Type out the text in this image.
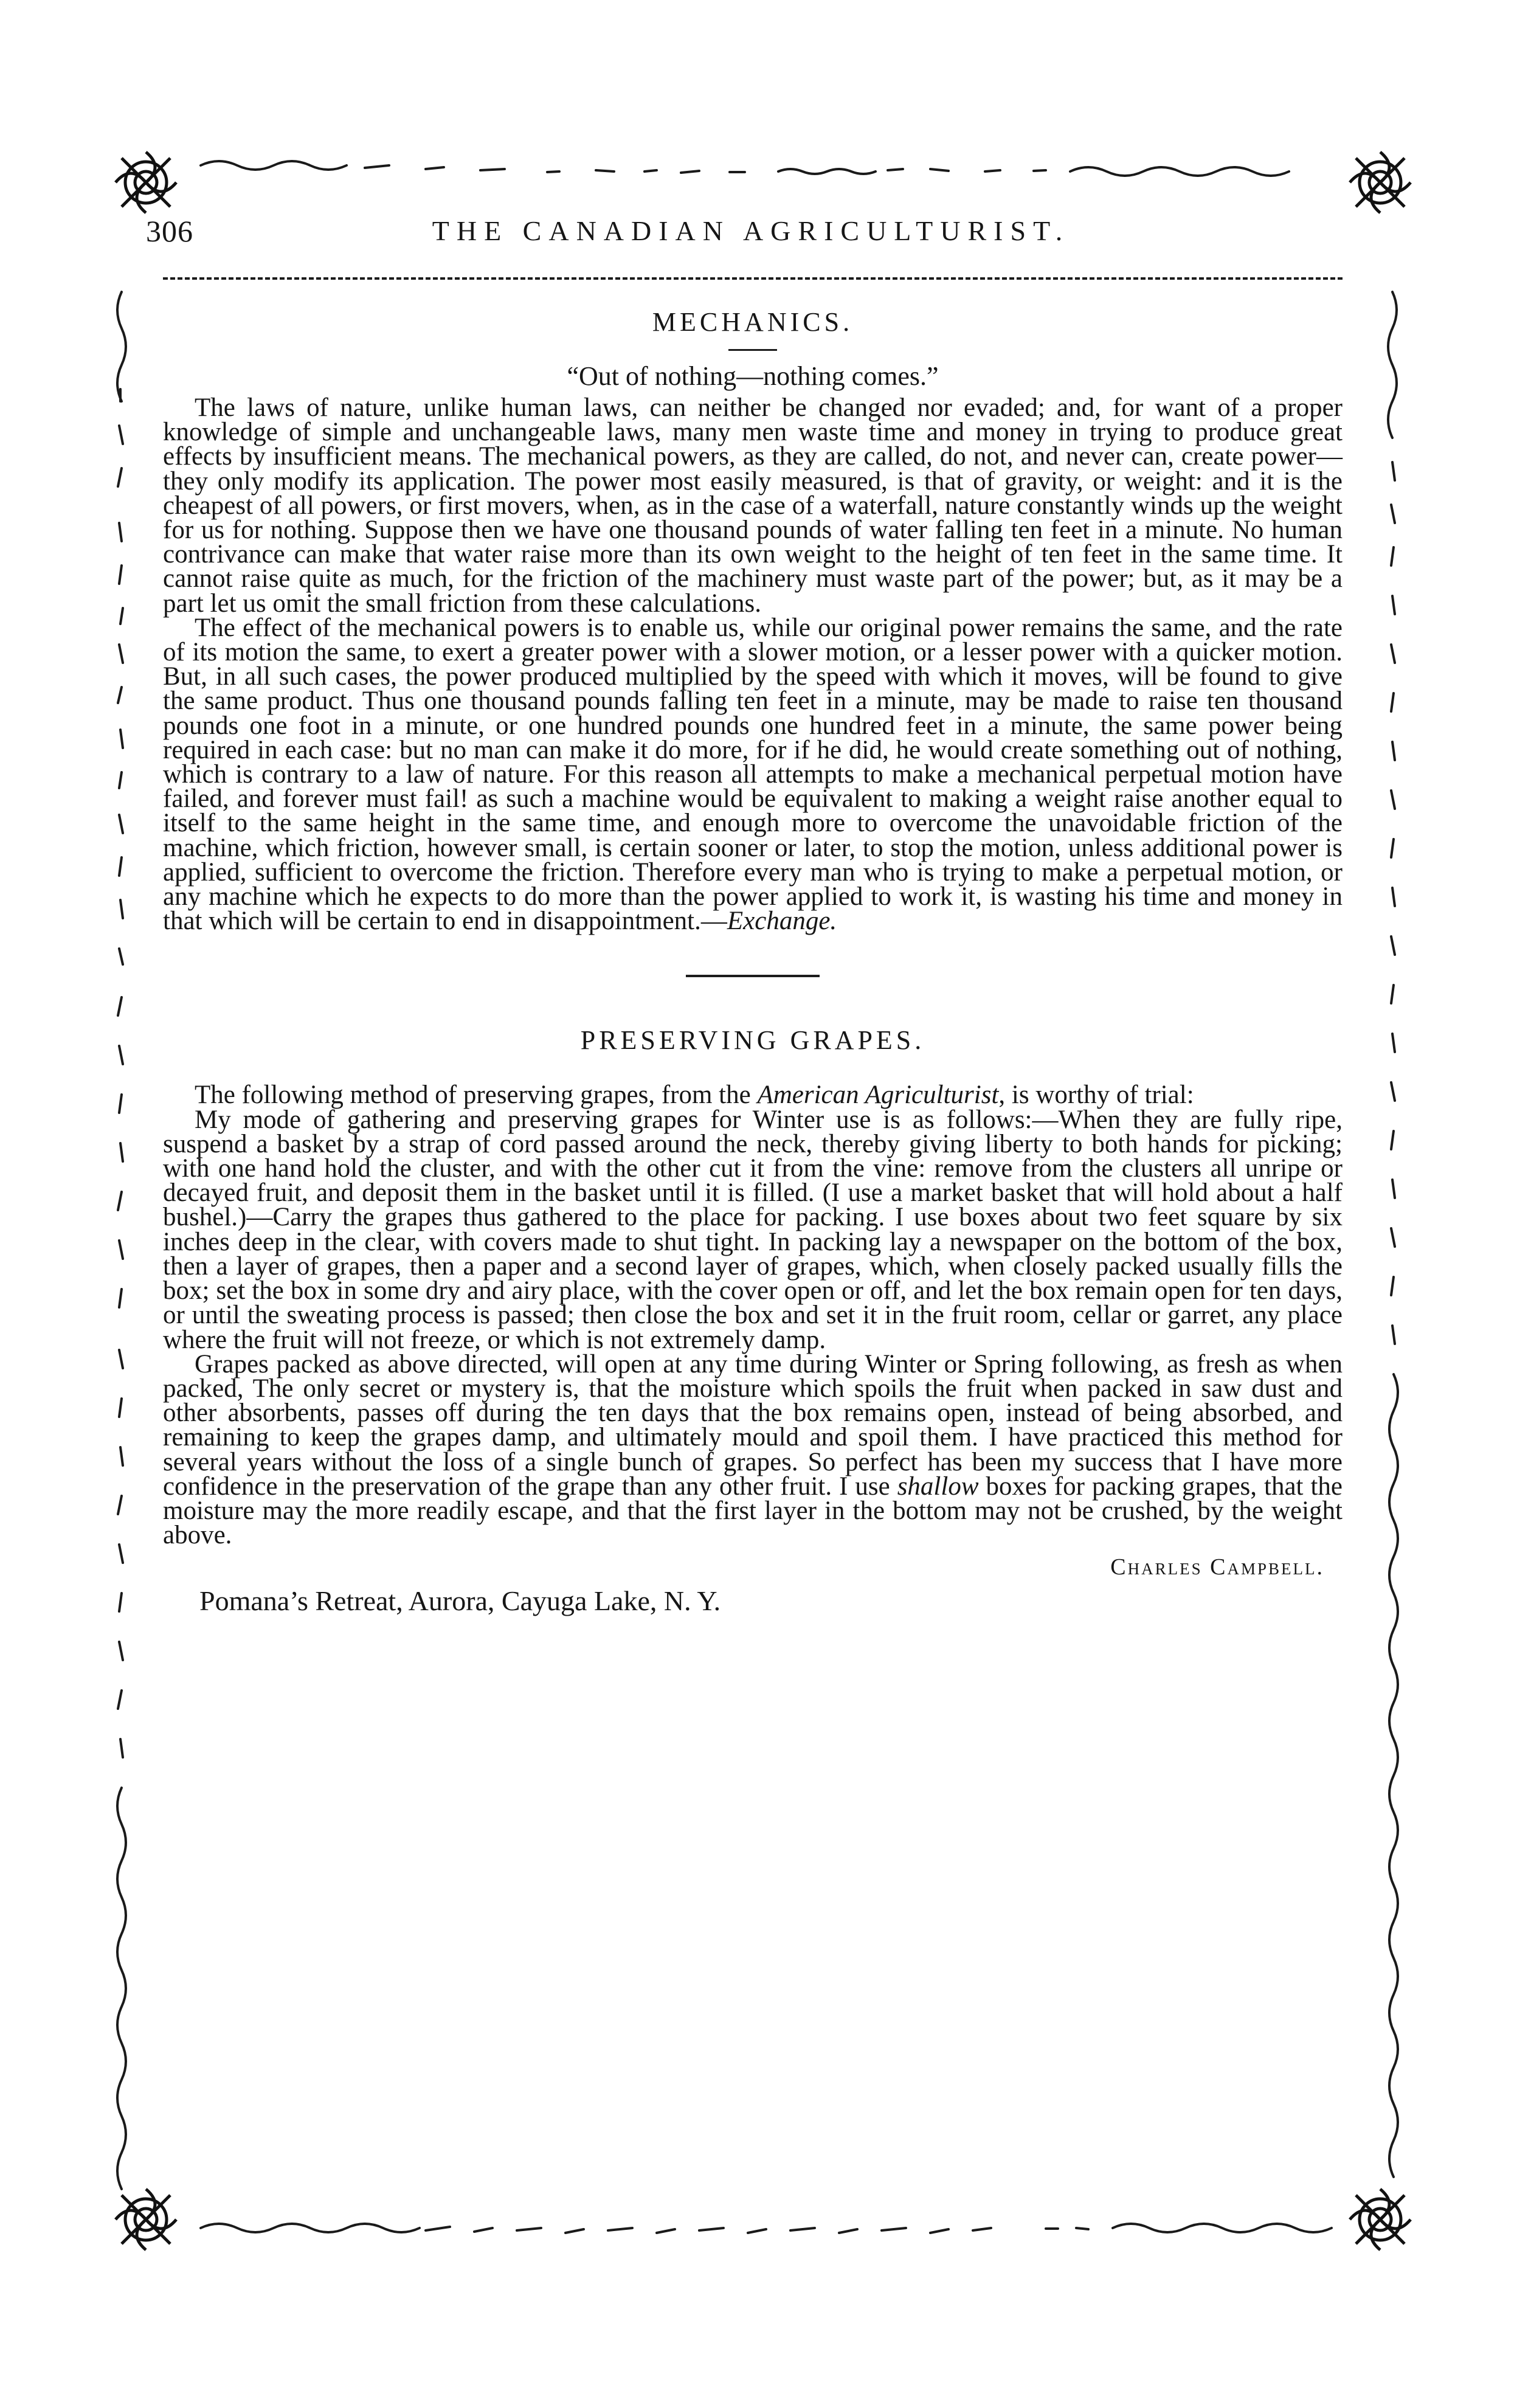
306	THE CANADIAN AGRICULTURIST.
MECHANICS.

“Out of nothing—nothing comes.”

The laws of nature, unlike human laws, can neither be changed nor evaded; and, for want of a proper knowledge of simple and unchangeable laws, many men waste time and money in trying to produce great effects by insufficient means. The mechanical powers, as they are called, do not, and never can, create power—they only modify its application. The power most easily measured, is that of gravity, or weight: and it is the cheapest of all powers, or first movers, when, as in the case of a waterfall, nature constantly winds up the weight for us for nothing. Suppose then we have one thousand pounds of water falling ten feet in a minute. No human contrivance can make that water raise more than its own weight to the height of ten feet in the same time. It cannot raise quite as much, for the friction of the machinery must waste part of the power; but, as it may be a part let us omit the small friction from these calculations.

The effect of the mechanical powers is to enable us, while our original power remains the same, and the rate of its motion the same, to exert a greater power with a slower motion, or a lesser power with a quicker motion. But, in all such cases, the power produced multiplied by the speed with which it moves, will be found to give the same product. Thus one thousand pounds falling ten feet in a minute, may be made to raise ten thousand pounds one foot in a minute, or one hundred pounds one hundred feet in a minute, the same power being required in each case: but no man can make it do more, for if he did, he would create something out of nothing, which is contrary to a law of nature. For this reason all attempts to make a mechanical perpetual motion have failed, and forever must fail! as such a machine would be equivalent to making a weight raise another equal to itself to the same height in the same time, and enough more to overcome the unavoidable friction of the machine, which friction, however small, is certain sooner or later, to stop the motion, unless additional power is applied, sufficient to overcome the friction. Therefore every man who is trying to make a perpetual motion, or any machine which he expects to do more than the power applied to work it, is wasting his time and money in that which will be certain to end in disappointment.—Exchange.

PRESERVING GRAPES.

The following method of preserving grapes, from the American Agriculturist, is worthy of trial:

My mode of gathering and preserving grapes for Winter use is as follows:—When they are fully ripe, suspend a basket by a strap of cord passed around the neck, thereby giving liberty to both hands for picking; with one hand hold the cluster, and with the other cut it from the vine: remove from the clusters all unripe or decayed fruit, and deposit them in the basket until it is filled. (I use a market basket that will hold about a half bushel.)—Carry the grapes thus gathered to the place for packing. I use boxes about two feet square by six inches deep in the clear, with covers made to shut tight. In packing lay a newspaper on the bottom of the box, then a layer of grapes, then a paper and a second layer of grapes, which, when closely packed usually fills the box; set the box in some dry and airy place, with the cover open or off, and let the box remain open for ten days, or until the sweating process is passed; then close the box and set it in the fruit room, cellar or garret, any place where the fruit will not freeze, or which is not extremely damp.

Grapes packed as above directed, will open at any time during Winter or Spring following, as fresh as when packed, The only secret or mystery is, that the moisture which spoils the fruit when packed in saw dust and other absorbents, passes off during the ten days that the box remains open, instead of being absorbed, and remaining to keep the grapes damp, and ultimately mould and spoil them. I have practiced this method for several years without the loss of a single bunch of grapes. So perfect has been my success that I have more confidence in the preservation of the grape than any other fruit. I use shallow boxes for packing grapes, that the moisture may the more readily escape, and that the first layer in the bottom may not be crushed, by the weight above.

Charles Campbell.
Pomana’s Retreat, Aurora, Cayuga Lake, N. Y.
